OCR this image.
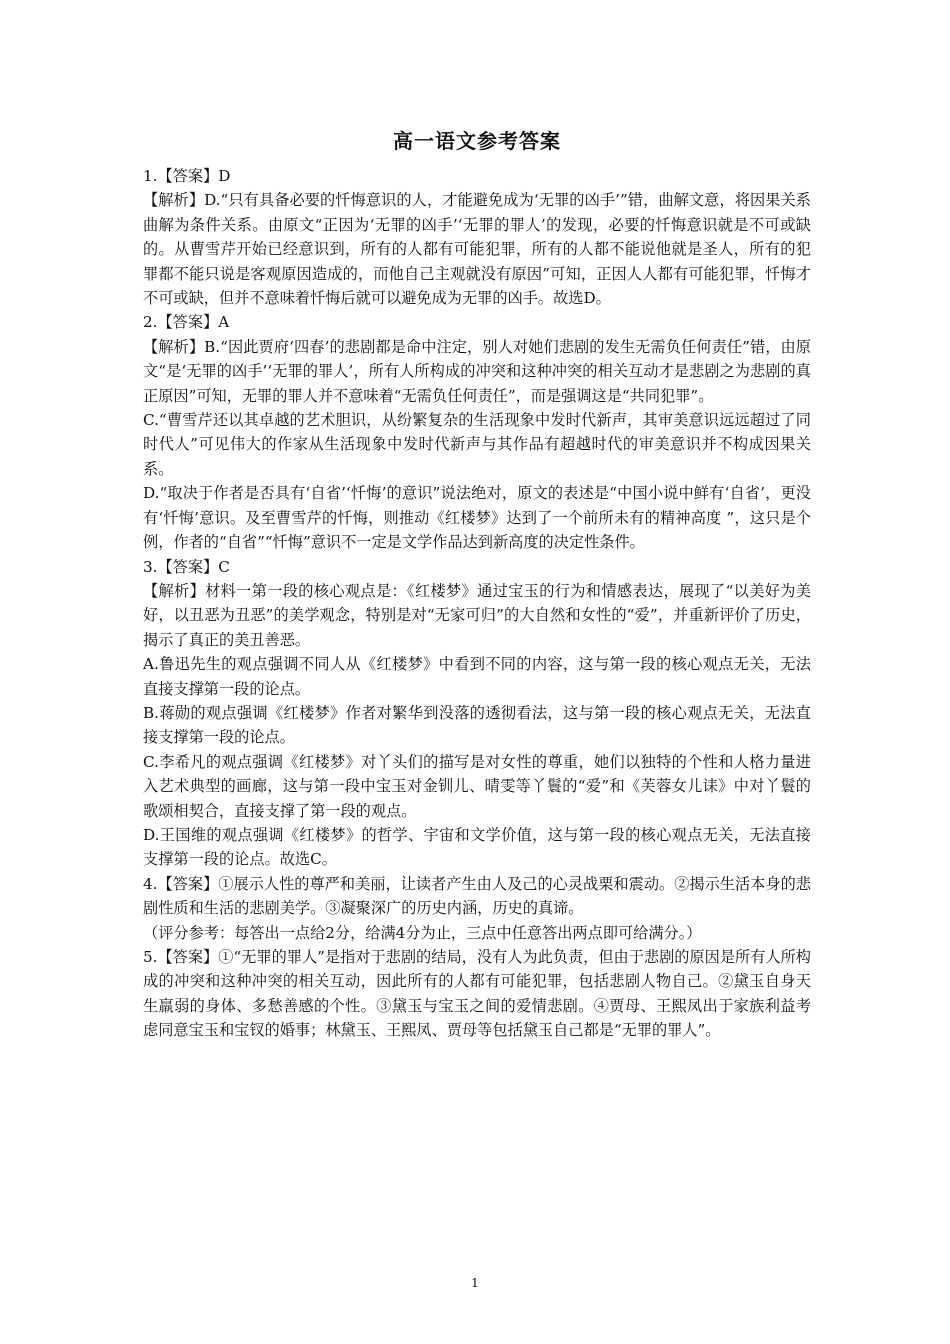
高一语文参考答案

1.【答案】D

【解析】D.“只有具备必要的忏悔意识的人，才能避免成为‘无罪的凶手’”错，曲解文意，将因果关系曲解为条件关系。由原文“正因为‘无罪的凶手’‘无罪的罪人’的发现，必要的忏悔意识就是不可或缺的。从曹雪芹开始已经意识到，所有的人都有可能犯罪，所有的人都不能说他就是圣人，所有的犯罪都不能只说是客观原因造成的，而他自己主观就没有原因”可知，正因人人都有可能犯罪，忏悔才不可或缺，但并不意味着忏悔后就可以避免成为无罪的凶手。故选D。

2.【答案】A

【解析】B.“因此贾府‘四春’的悲剧都是命中注定，别人对她们悲剧的发生无需负任何责任”错，由原文“是‘无罪的凶手’‘无罪的罪人’，所有人所构成的冲突和这种冲突的相关互动才是悲剧之为悲剧的真正原因”可知，无罪的罪人并不意味着“无需负任何责任”，而是强调这是“共同犯罪”。

C.“曹雪芹还以其卓越的艺术胆识，从纷繁复杂的生活现象中发时代新声，其审美意识远远超过了同时代人”可见伟大的作家从生活现象中发时代新声与其作品有超越时代的审美意识并不构成因果关系。

D.“取决于作者是否具有‘自省’‘忏悔’的意识”说法绝对，原文的表述是“中国小说中鲜有‘自省’，更没有‘忏悔’意识。及至曹雪芹的忏悔，则推动《红楼梦》达到了一个前所未有的精神高度 ”，这只是个例，作者的“自省”“忏悔”意识不一定是文学作品达到新高度的决定性条件。

3.【答案】C

【解析】材料一第一段的核心观点是：《红楼梦》通过宝玉的行为和情感表达，展现了“以美好为美好，以丑恶为丑恶”的美学观念，特别是对“无家可归”的大自然和女性的“爱”，并重新评价了历史，揭示了真正的美丑善恶。

A.鲁迅先生的观点强调不同人从《红楼梦》中看到不同的内容，这与第一段的核心观点无关，无法直接支撑第一段的论点。

B.蒋勋的观点强调《红楼梦》作者对繁华到没落的透彻看法，这与第一段的核心观点无关，无法直接支撑第一段的论点。

C.李希凡的观点强调《红楼梦》对丫头们的描写是对女性的尊重，她们以独特的个性和人格力量进入艺术典型的画廊，这与第一段中宝玉对金钏儿、晴雯等丫鬟的“爱”和《芙蓉女儿诔》中对丫鬟的歌颂相契合，直接支撑了第一段的观点。

D.王国维的观点强调《红楼梦》的哲学、宇宙和文学价值，这与第一段的核心观点无关，无法直接支撑第一段的论点。故选C。

4.【答案】①展示人性的尊严和美丽，让读者产生由人及己的心灵战栗和震动。②揭示生活本身的悲剧性质和生活的悲剧美学。③凝聚深广的历史内涵，历史的真谛。

（评分参考：每答出一点给2分，给满4分为止，三点中任意答出两点即可给满分。）

5.【答案】①“无罪的罪人”是指对于悲剧的结局，没有人为此负责，但由于悲剧的原因是所有人所构成的冲突和这种冲突的相关互动，因此所有的人都有可能犯罪，包括悲剧人物自己。②黛玉自身天生羸弱的身体、多愁善感的个性。③黛玉与宝玉之间的爱情悲剧。④贾母、王熙凤出于家族利益考虑同意宝玉和宝钗的婚事；林黛玉、王熙凤、贾母等包括黛玉自己都是“无罪的罪人”。

1
